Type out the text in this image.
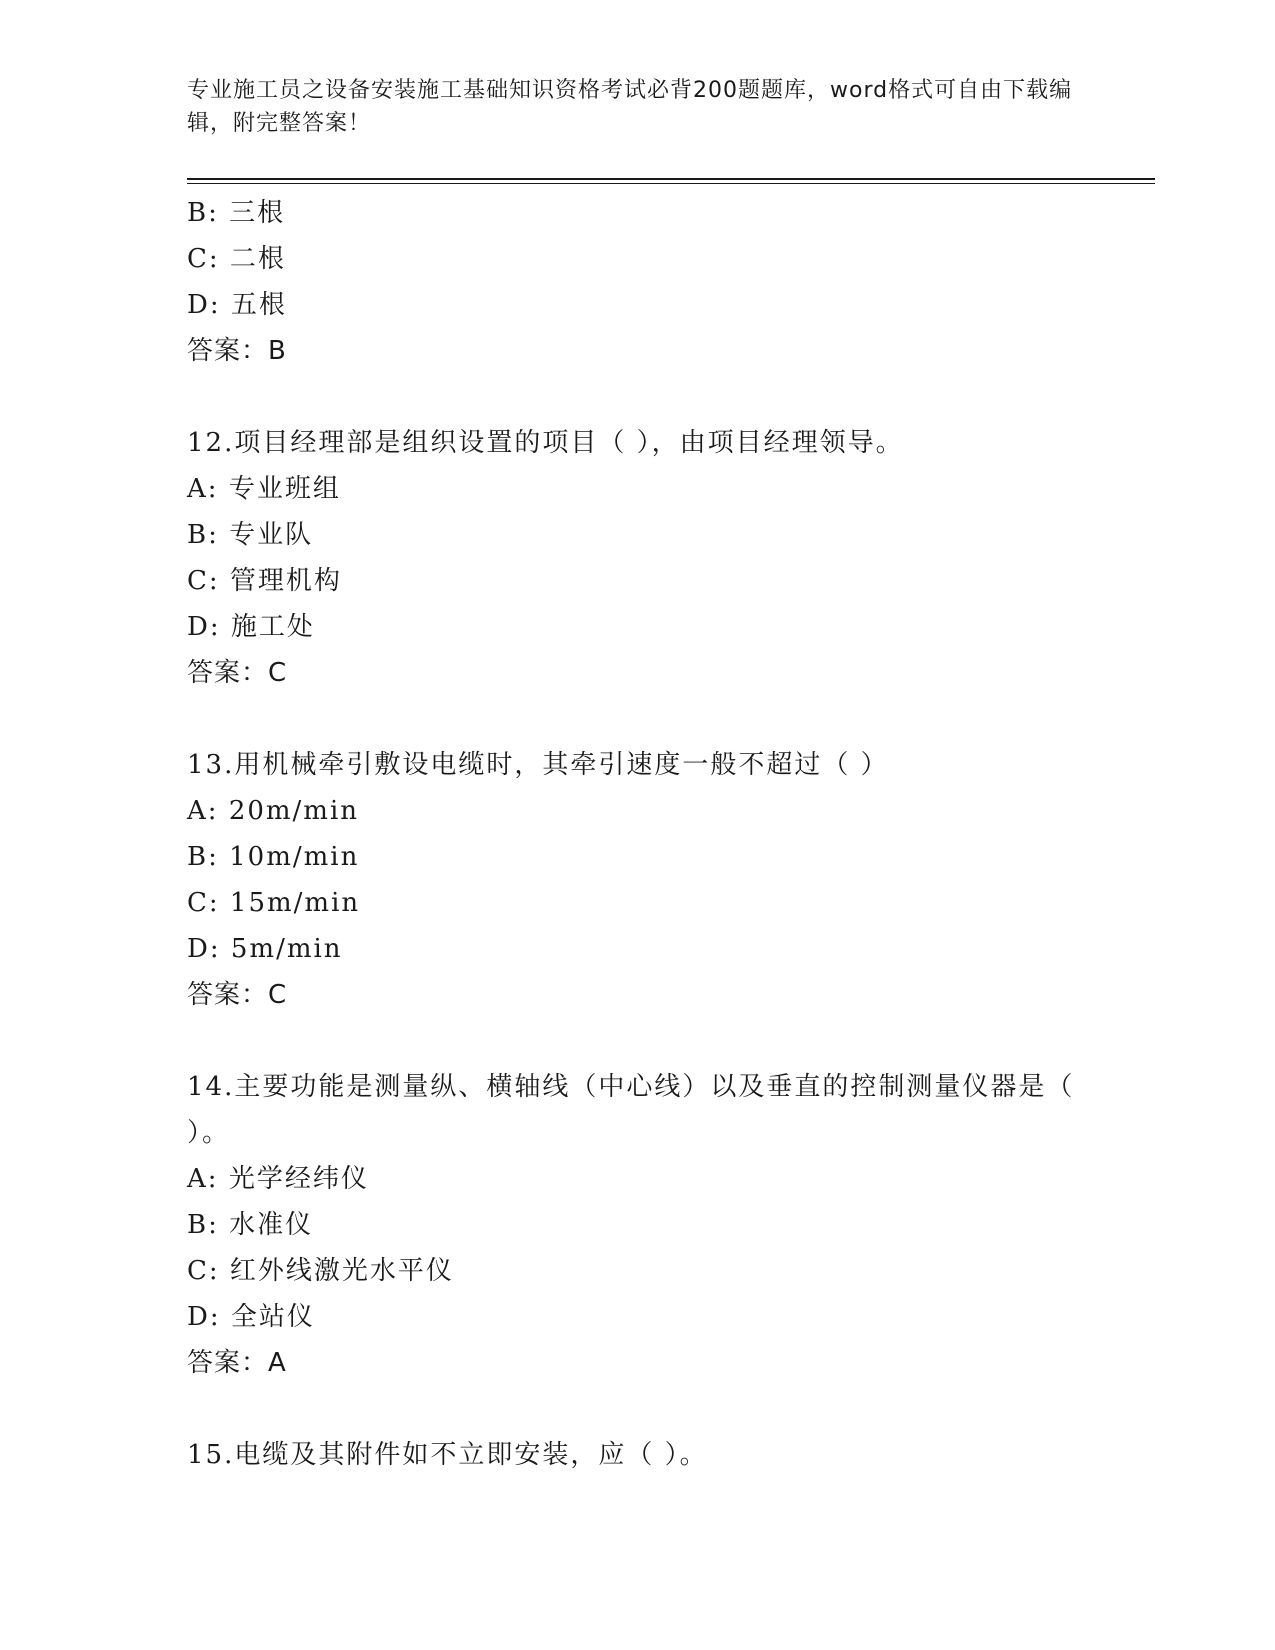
专业施工员之设备安装施工基础知识资格考试必背200题题库，word格式可自由下载编辑，附完整答案！
B: 三根
C: 二根
D: 五根
答案：B
12.项目经理部是组织设置的项目（ ），由项目经理领导。
A: 专业班组
B: 专业队
C: 管理机构
D: 施工处
答案：C
13.用机械牵引敷设电缆时，其牵引速度一般不超过（ ）
A: 20m/min
B: 10m/min
C: 15m/min
D: 5m/min
答案：C
14.主要功能是测量纵、横轴线（中心线）以及垂直的控制测量仪器是（ ）。
A: 光学经纬仪
B: 水准仪
C: 红外线激光水平仪
D: 全站仪
答案：A
15.电缆及其附件如不立即安装，应（ ）。
